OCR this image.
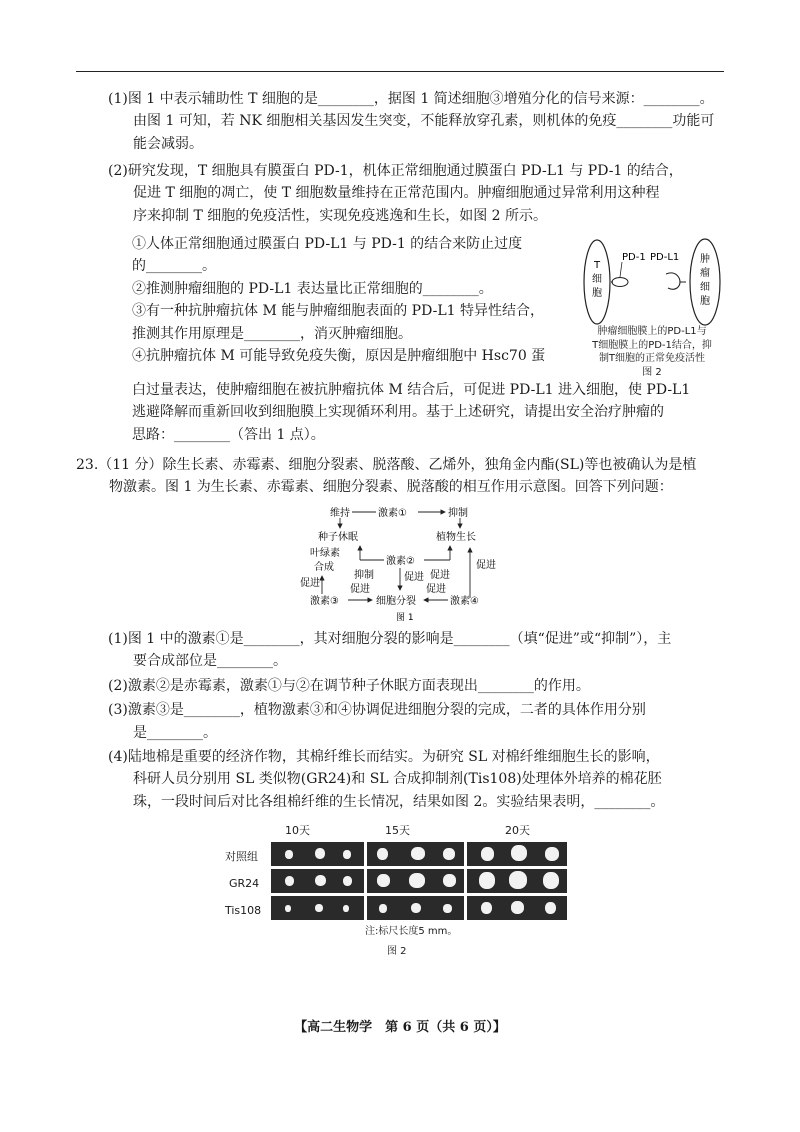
(1)图 1 中表示辅助性 T 细胞的是________，据图 1 简述细胞③增殖分化的信号来源：________。
由图 1 可知，若 NK 细胞相关基因发生突变，不能释放穿孔素，则机体的免疫________功能可
能会减弱。
(2)研究发现，T 细胞具有膜蛋白 PD-1，机体正常细胞通过膜蛋白 PD-L1 与 PD-1 的结合，
促进 T 细胞的凋亡，使 T 细胞数量维持在正常范围内。肿瘤细胞通过异常利用这种程
序来抑制 T 细胞的免疫活性，实现免疫逃逸和生长，如图 2 所示。
①人体正常细胞通过膜蛋白 PD-L1 与 PD-1 的结合来防止过度
的________。
②推测肿瘤细胞的 PD-L1 表达量比正常细胞的________。
③有一种抗肿瘤抗体 M 能与肿瘤细胞表面的 PD-L1 特异性结合，
推测其作用原理是________，消灭肿瘤细胞。
④抗肿瘤抗体 M 可能导致免疫失衡，原因是肿瘤细胞中 Hsc70 蛋
白过量表达，使肿瘤细胞在被抗肿瘤抗体 M 结合后，可促进 PD-L1 进入细胞，使 PD-L1
逃避降解而重新回收到细胞膜上实现循环利用。基于上述研究，请提出安全治疗肿瘤的
思路：________（答出 1 点）。
T
细
胞
PD-1 PD-L1 肿
瘤
细
胞
肿瘤细胞膜上的PD-L1与
T细胞膜上的PD-1结合，抑
制T细胞的正常免疫活性
图 2
23.（11 分）除生长素、赤霉素、细胞分裂素、脱落酸、乙烯外，独角金内酯(SL)等也被确认为是植
物激素。图 1 为生长素、赤霉素、细胞分裂素、脱落酸的相互作用示意图。回答下列问题：
维持	激素①	抑制
种子休眠	植物生长
叶绿素
合成
激素②
抑制	促进 促进
促进
促进
促进	促进
激素③	细胞分裂	激素④
图 1
(1)图 1 中的激素①是________，其对细胞分裂的影响是________（填“促进”或“抑制”），主
要合成部位是________。
(2)激素②是赤霉素，激素①与②在调节种子休眠方面表现出________的作用。
(3)激素③是________，植物激素③和④协调促进细胞分裂的完成，二者的具体作用分别
是________。
(4)陆地棉是重要的经济作物，其棉纤维长而结实。为研究 SL 对棉纤维细胞生长的影响，
科研人员分别用 SL 类似物(GR24)和 SL 合成抑制剂(Tis108)处理体外培养的棉花胚
珠，一段时间后对比各组棉纤维的生长情况，结果如图 2。实验结果表明，________。
10天	15天	20天
对照组
GR24
Tis108
注:标尺长度5 mm。
图 2
【高二生物学　第 6 页（共 6 页）】
